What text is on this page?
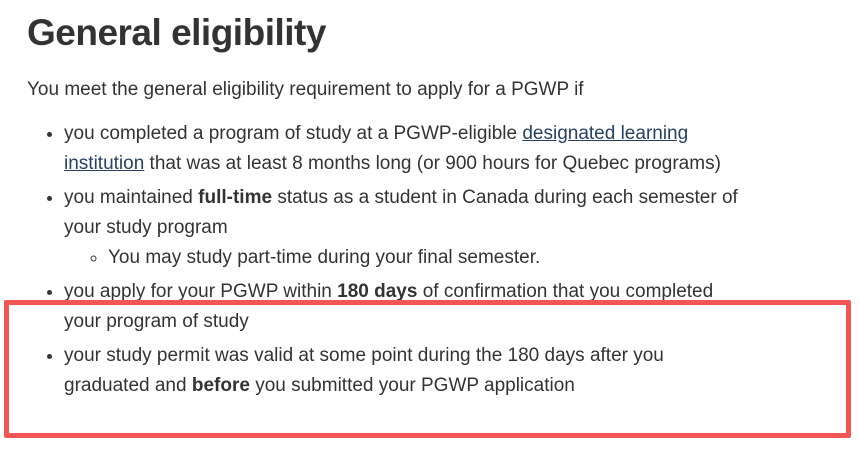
General eligibility

You meet the general eligibility requirement to apply for a PGWP if

• you completed a program of study at a PGWP-eligible designated learning institution that was at least 8 months long (or 900 hours for Quebec programs)
• you maintained full-time status as a student in Canada during each semester of your study program
◦ You may study part-time during your final semester.
• you apply for your PGWP within 180 days of confirmation that you completed your program of study
• your study permit was valid at some point during the 180 days after you graduated and before you submitted your PGWP application
